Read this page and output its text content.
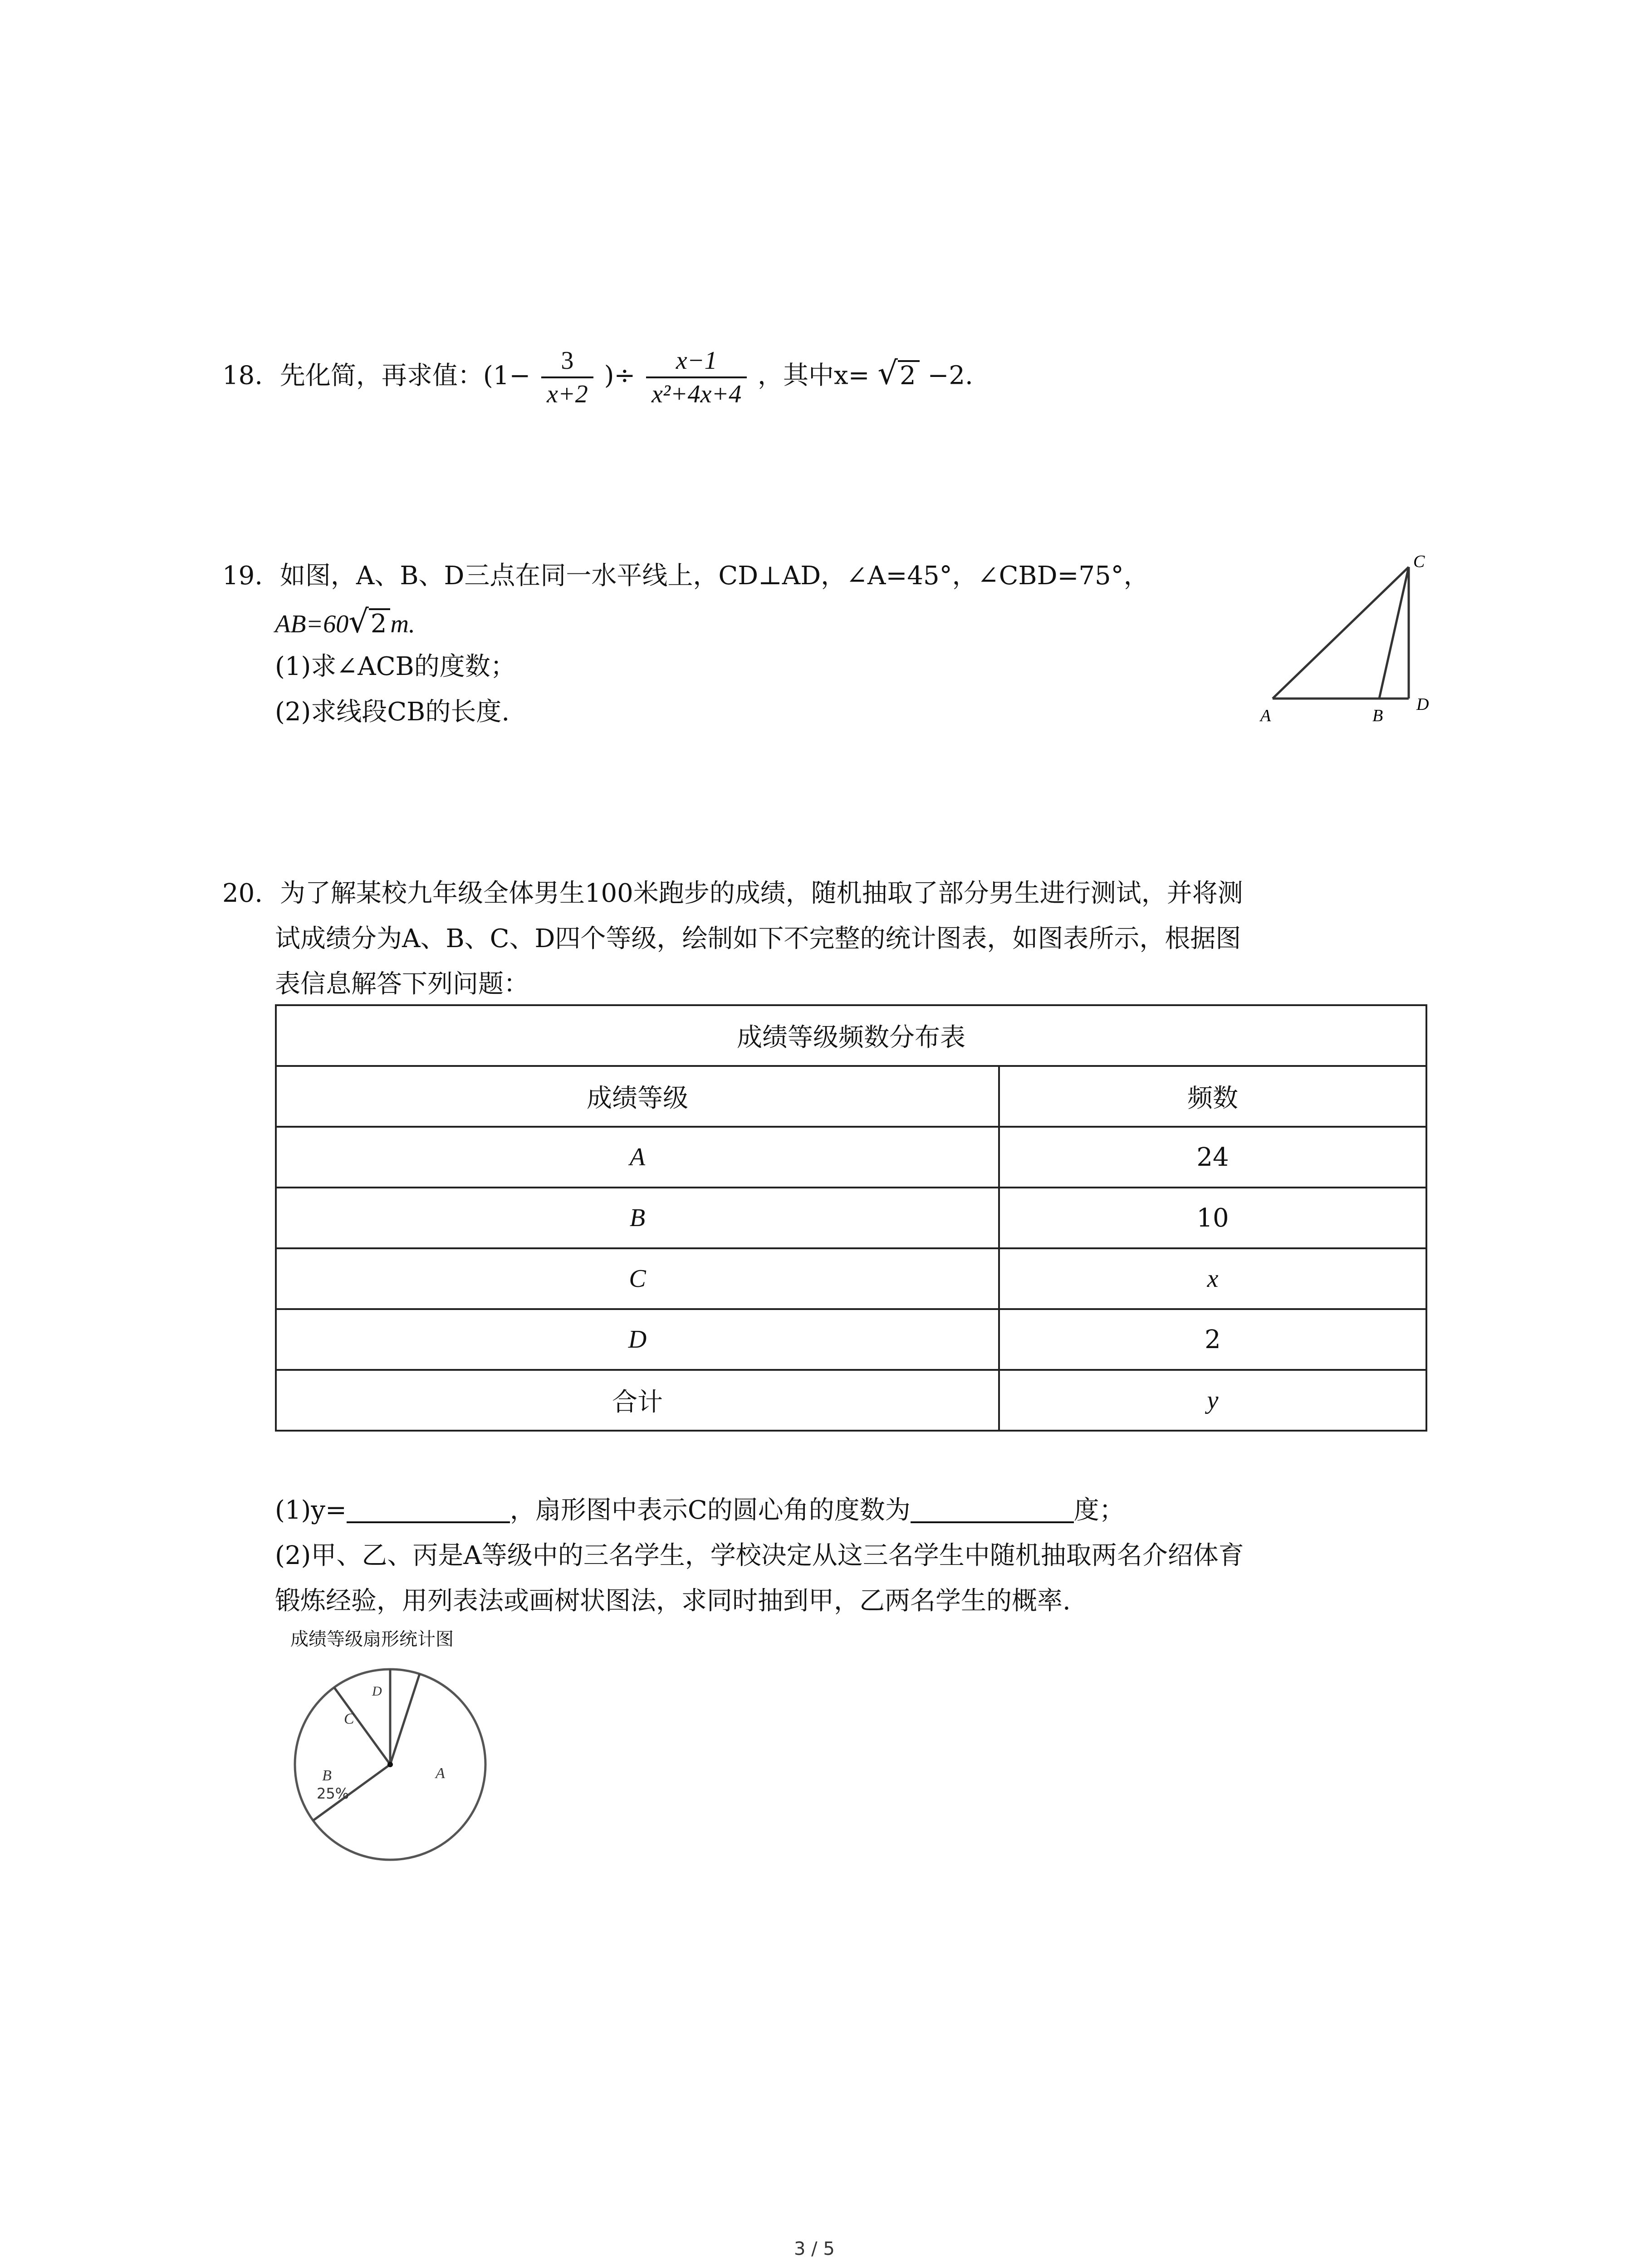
18. 先化简，再求值：($1- \frac{3}{x+2}$ )÷ $\frac{x-1}{\text{x²+4x+4}}$ ，其中x= √2 −2.
19. 如图，A、B、D三点在同一水平线上，CD⊥AD，∠A=45°，∠CBD=75°，
AB=60√2 m.
(1)求∠ACB的度数；
(2)求线段CB的长度.	A	B
C
D
20. 为了解某校九年级全体男生100米跑步的成绩，随机抽取了部分男生进行测试，并将测
试成绩分为A、B、C、D四个等级，绘制如下不完整的统计图表，如图表所示，根据图
表信息解答下列问题：
成绩等级频数分布表	
成绩等级	频数
A	24
B	10
C	x
D	2
合计	y
(1)y=	，扇形图中表示C的圆心角的度数为	度；
(2)甲、乙、丙是A等级中的三名学生，学校决定从这三名学生中随机抽取两名介绍体育
锻炼经验，用列表法或画树状图法，求同时抽到甲，乙两名学生的概率.
成绩等级扇形统计图
A
B
25%
C
D
3 / 5
